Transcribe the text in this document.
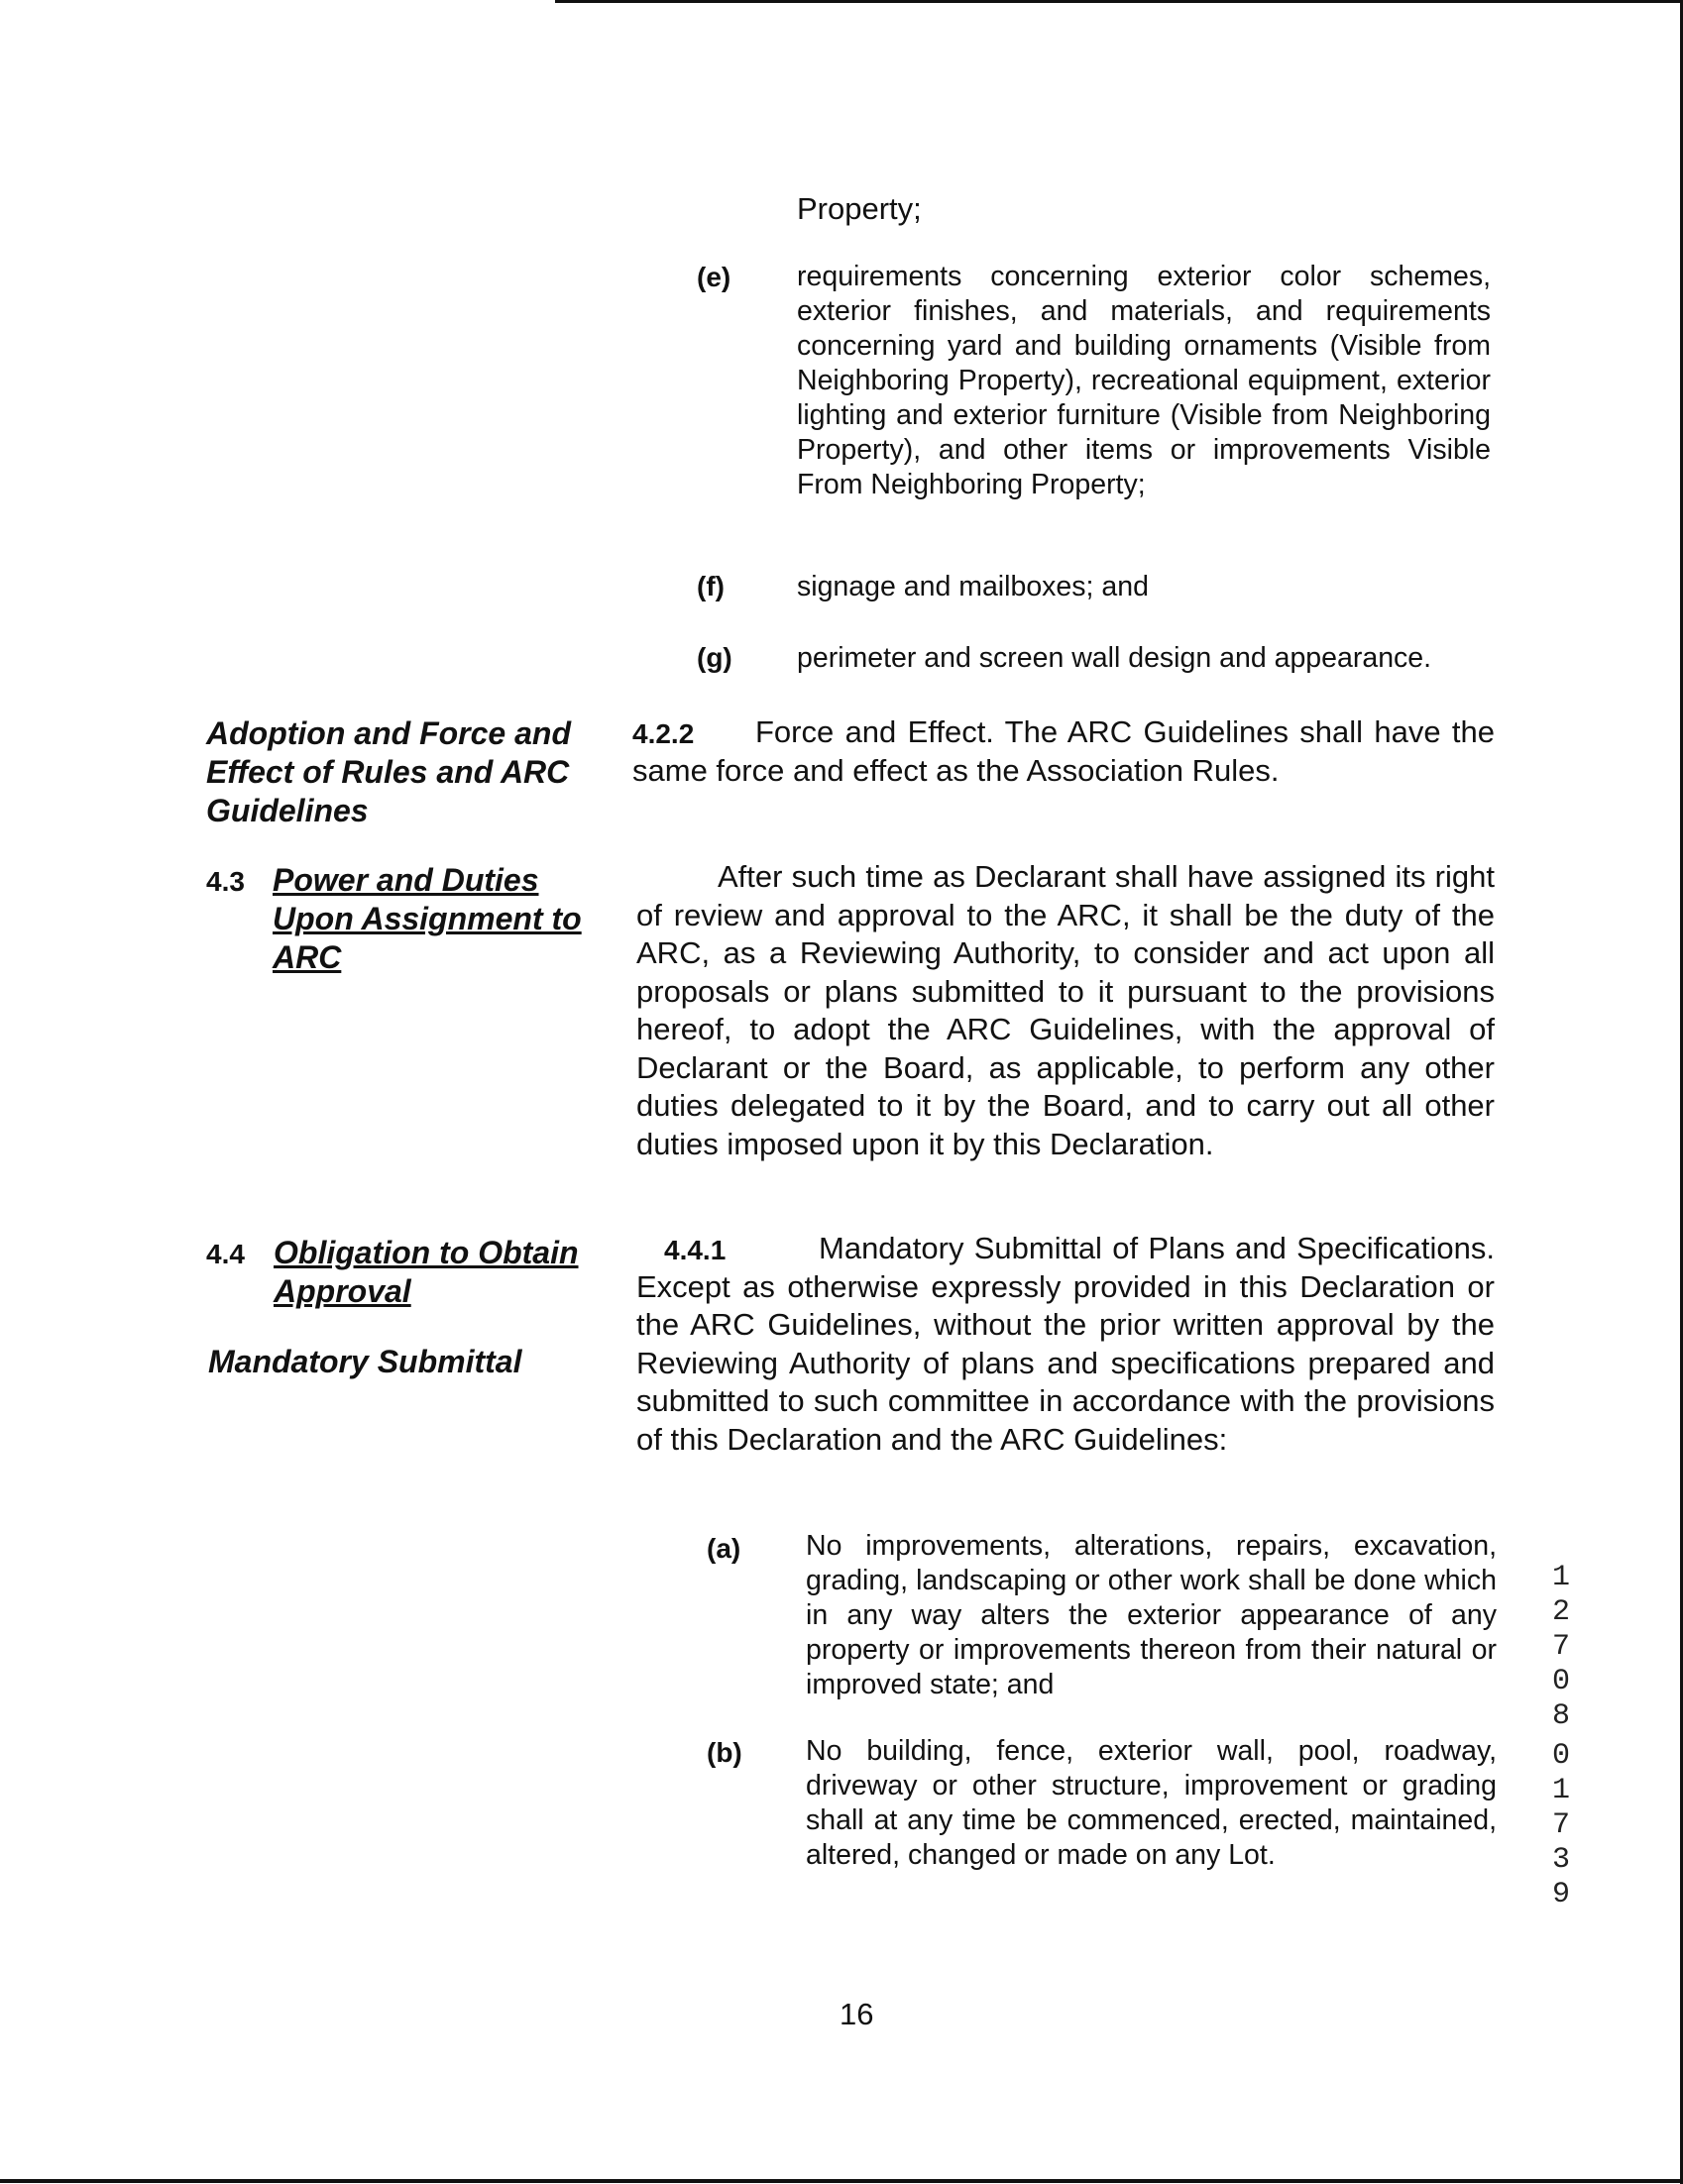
Property;
(e) requirements concerning exterior color schemes, exterior finishes, and materials, and requirements concerning yard and building ornaments (Visible from Neighboring Property), recreational equipment, exterior lighting and exterior furniture (Visible from Neighboring Property), and other items or improvements Visible From Neighboring Property;
(f)	signage and mailboxes; and
(g) perimeter and screen wall design and appearance.
Adoption and Force and Effect of Rules and ARC Guidelines
4.2.2 Force and Effect. The ARC Guidelines shall have the same force and effect as the Association Rules.
4.3 Power and Duties Upon Assignment to ARC
After such time as Declarant shall have assigned its right of review and approval to the ARC, it shall be the duty of the ARC, as a Reviewing Authority, to consider and act upon all proposals or plans submitted to it pursuant to the provisions hereof, to adopt the ARC Guidelines, with the approval of Declarant or the Board, as applicable, to perform any other duties delegated to it by the Board, and to carry out all other duties imposed upon it by this Declaration.
4.4 Obligation to Obtain Approval
Mandatory Submittal
4.4.1	Mandatory Submittal of Plans and Specifications. Except as otherwise expressly provided in this Declaration or the ARC Guidelines, without the prior written approval by the Reviewing Authority of plans and specifications prepared and submitted to such committee in accordance with the provisions of this Declaration and the ARC Guidelines:
(a) No improvements, alterations, repairs, excavation, grading, landscaping or other work shall be done which in any way alters the exterior appearance of any property or improvements thereon from their natural or improved state; and
(b) No building, fence, exterior wall, pool, roadway, driveway or other structure, improvement or grading shall at any time be commenced, erected, maintained, altered, changed or made on any Lot.
16
1
2
7
0
8
0
1
7
3
9
